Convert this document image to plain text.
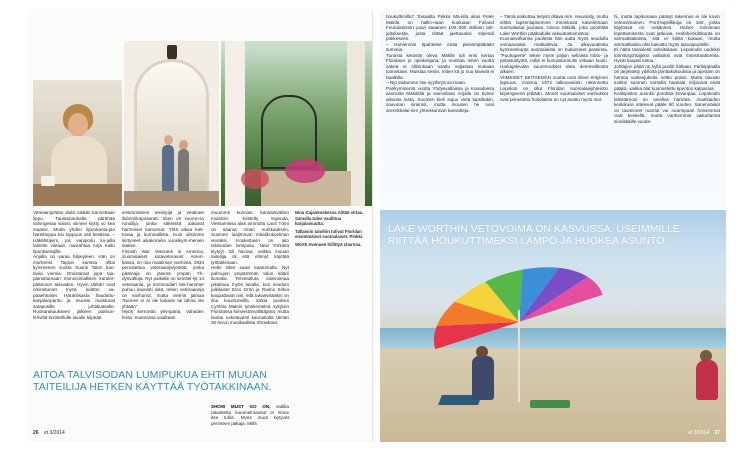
Veteaanijohtan alulsi sisään kannettaan lippu. Taustanauhalta pärähää vahingessa vaiosi, viimein kiytty vo kea maassi. Mutta yhden lipunkanta-jan hareittoppa tuo loppuun asti kestissa. – Häkähitijeim, jos vanipoitu ku-jalla talinitte vaitaan, naurahtaa Anja Kallo lipunkantajille.

Anjalla on varaa hilpeyteen. Hän on murhenst Tapion kanssa olltai kymmenen vuotta Suomi Talon kan-tavia voimia. Omistamat jopa taa-painottamaan monivoimallisen kuraler-päämoon takvaden. Hyvin tärkän ovat ominstumet myös keittön va-paaehtoiset. Häränlisasta hauduttu-kanjalanpanto ja muussi maistuvat sataposille juhlakatsalle. Ruokarakaukseen jälkeen palmun-lehviltä koristellulle lavalle kiipeää

ensimmäinen esiintyijä ja vetäinee ilidmmikaposaratt. Siten on vuorun-ta runoilija, jonka säkeissä aakavat harmeiset kamomat. Yhtä aikaa kiet-tovaa ja kummallista. Kuin olisimme siirtyneet aikakonelia vuosikym-menien taakse.

Finnish War Veterans in America, Suomalaiset sotaveteraanit Ameri-kassa, on osa maailman vanhinta, 1934 perustettua veteraanijärjestöä, jonka päämaja on jäsenä ympäri Yh-dysvaltoja. Nyt paikalle on sinnitel-lyt 14 veteraania, ja kommodieri Ma-hammer puhuu kaunisti siitä, miten veteraaneja on vanhunut, mutta vieti-lä jaksaa “kunnes ei ai ole kukaan tai lähoa ole yhtään”.

Myös kerrontta ylempänä, Vahaden hinta -museossa vaalitaan

muumme kunnias. kansainvälisin muistoin. Kiistelty legenda, Vietnamissa alas ammuttu Lauri Törni on saanut oman nurkkauksen, Suomen laajimman mitalikokoelman vieraksi. Koskettavin on aito talvisodan lumipuku. New Yorkista kiytyyt. Eli hai-taa, vaikka muuan taiteilija oli sitä ehtinyt käyttää työtakkinaan.

Hetki siten saavi kaatumalla. Nyt palmujen ympärömän talon käärii ilunaika. Tervetulluta vaisvoimaa pikalinaa myös lavalla, kun seuduin julkilaiset Eino Grön ja Raimo Sirkia kaupattavat niin, että takarivissäkin on iloa kuuntuneilla. Sirkia puolisoi Cynthia Makris työskenteleä nykyisin Floridassa kiinteistönvälittäjänä, mutta laulaa usketavasti kaunatiolla tämän 30-luvun musikaalista Showboat.

Nina Kajankoskessa riittää virtaa. Samalla tulee vaalittua karjalaisuutta.

Tällaisiin taloihin tulivat Floridan ensimmäiset suomalaiset. Pinkki.

Worth Avenuen hillittyä charmia.

AITOA TALVISODAN LUMIPUKUA EHTI MUUAN TAITEILIJA HETKEN KÄYTTÄÄ TYÖTAKKINAAN.

SHOW MUST GO ON, vaikka rakastettu kuunnelmaosut ei sinne itse tullut. Myös muut kiytyvät perinteen jatkaja. Millä

26 et 3/2014

houkuttimilla? Toisaalta Pekka Mä-kilä alias Peter Makila on hallin-naan kuuluaan Finland Foundatiomin joavi saaanen 100 000 dollarin lah-joituksesta, josta riittää jaettavaksi stipendi pokkeseen.

– Harvenmin tipahtelee enää pienempiäkään summia.

Turuista ketostin oleva Mäkilä tuli ensi kertaa Floridaan jo opiskelijana, ja muistaa miten vuotta väkeä ei silloinkaan osattu valjastaa mukaan toimintaan. Muistaa sesiin, miten kä jo nuo kävivät ei haalkilla.

– Nyt taidamme itse syylloryä sa-maan.

Parikymmentä vuotta Yhdysvalloissa ja Kanadassa asunutta Mäkilällä ja vaimollaan Anjalla on kolme aikuista lasta. Suomen kieli sujuu vielä lapsiltakin, saavutan sirainsä, mutta muusen he ovat amerikkalai-sen yhteiskunnan kasvatteja.

– Tämä vaikuttaa tietysti oltava mm. neuvoisty, mutta eihkä lapsenlapsemme innostuvat kaivelemaan suomalaisia juuriaan, toivoo Mäkilä, joka pyörittää Lake Worthin pääkadulla vakuutustoimistoa.

Kunnasvirkansa puolesta hän autta myös seudulla vamaavaisia matkailevia. Ja alkuvuodesta kymmenkunta suomalaista on hukanneet passinsa. “Puuhaperte” tekee myös paljon sellaista lobto- ja pelastustyötä, mikä ei kunniakonsulin virkaan kuulu. Harkajälevista suurennukset sista demmeilkosta alkaen.

VIIMEISET SEITSEMÄN vuotta ovat olleet erityinen lapsuus. Vuonna 1972 talkoovoimin rakennettu Lepokoti on ollut Floridan suomalaisyhteisön kiipengeenä pitkään. Monet suomalaiset vanhukset ovat perustettu hoitolaitos on nyt avattu myös mui-

hi, mutta tapitumaan pääsyt rakennus ei ole kovin veteovimainen. Porti-lapsilkkoja on 160, joista käytössä on neljännes. Hiuhet toiminnan lopettamisesta ovat jatkuvia. Hoitohenkilökunta on ammattitaitoista, sitä ei kiistä kukaan, mutta ammattilaisia olisi kaivattu myös talouspuolelle.

Ei näitä tasaisesti rahoitakaan. Lepokodin uudeksi toimitusjohtajaksi valituiksi ovat ministraattoreita. Hyvät kaupat vatuu.

Johtajien päitä on kyllä puoliti haltaan. Parikippaalla on järjestetty ydilloitä jämttakokouksia ja ajontain on hantoa vaikanjukeita nelttu poissi. Mutta taivaan tuolitni suomen varsella haasaat miljoonat eivät pääkä, vaikka tilat kunnostettu kpeoton kalpasiva.

Keskipiston aurinko porottaa kovanpaa. Lepokodin lähistärnosi on omellas hämärä. Asukkaiden keskikuivi ottelevat pääle 90 vuoden. Sanennäiset on tavanneet nuoriut vai nuorinpaan hoivemmat ovat keskellä, mutta vanhemmat vaikuttamat sinnikkäille vuode-

LAKE WORTHIN VETOVOIMA ON KASVUSSA: USEIMMILLE RIITTÄÄ HOUKUTTIMEKSI LÄMPÖ JA HUOKEA ASUNTO.

et 3/2014 27
